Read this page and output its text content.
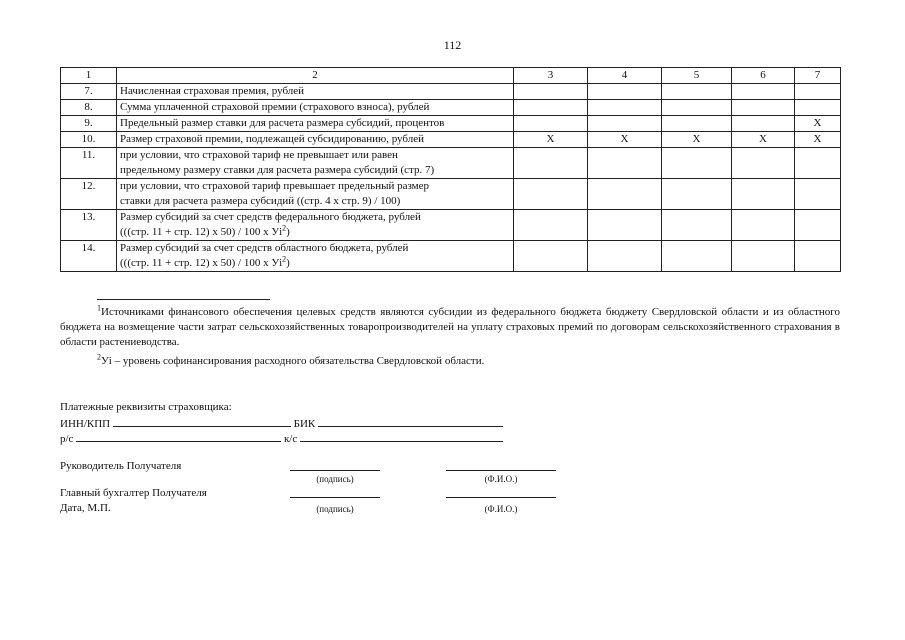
112
1	2	3	4	5	6	7
7.	Начисленная страховая премия, рублей					

8.	Сумма уплаченной страховой премии (страхового взноса), рублей					

9.	Предельный размер ставки для расчета размера субсидий, процентов					X
10.	Размер страховой премии, подлежащей субсидированию, рублей	X	X	X	X	X
11.	при условии, что страховой тариф не превышает или равен
предельному размеру ставки для расчета размера субсидий (стр. 7)					

12.	при условии, что страховой тариф превышает предельный размер
ставки для расчета размера субсидий ((стр. 4 х стр. 9) / 100)					

13.	Размер субсидий за счет средств федерального бюджета, рублей
(((стр. 11 + стр. 12) х 50) / 100 х $Уi^2$)					

14.	Размер субсидий за счет средств областного бюджета, рублей
(((стр. 11 + стр. 12) х 50) / 100 х $Уi^2$)					

$^1$Источниками финансового обеспечения целевых средств являются субсидии из федерального бюджета бюджету Свердловской области и из областного бюджета на возмещение части затрат сельскохозяйственных товаропроизводителей на уплату страховых премий по договорам сельскохозяйственного страхования в области растениеводства.

$^2$Уi – уровень софинансирования расходного обязательства Свердловской области.

Платежные реквизиты страховщика:
ИНН/КПП	БИК
р/с	к/с
Руководитель Получателя
(подпись)	(Ф.И.О.)
Главный бухгалтер Получателя
Дата, М.П.	(подпись)	(Ф.И.О.)
